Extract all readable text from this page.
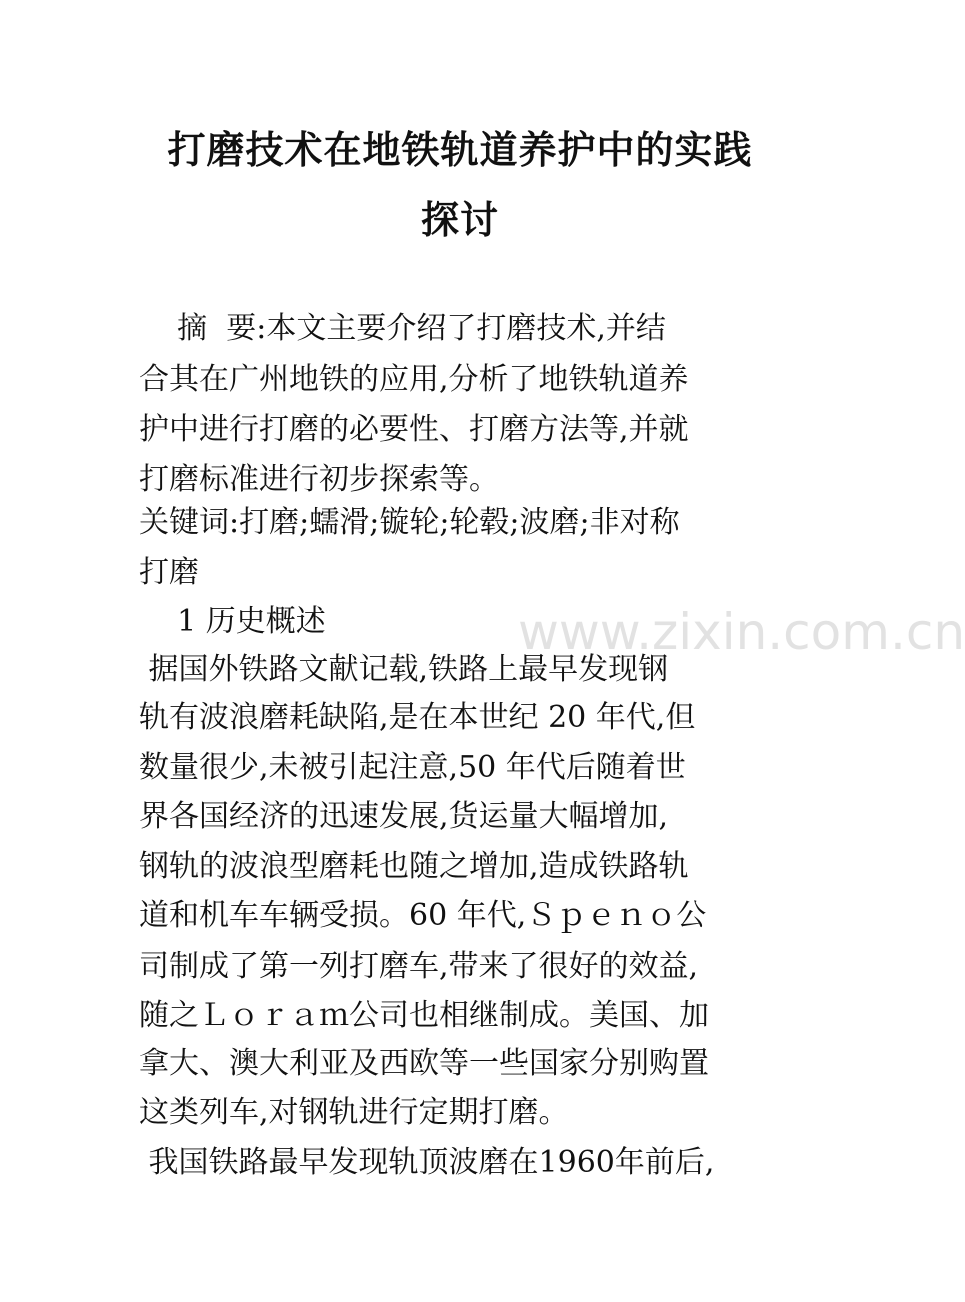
打磨技术在地铁轨道养护中的实践
探讨

摘  要:本文主要介绍了打磨技术,并结

合其在广州地铁的应用,分析了地铁轨道养

护中进行打磨的必要性、打磨方法等,并就

打磨标准进行初步探索等。

关键词:打磨;蠕滑;镟轮;轮毂;波磨;非对称

打磨

1 历史概述

据国外铁路文献记载,铁路上最早发现钢

轨有波浪磨耗缺陷,是在本世纪 20 年代,但

数量很少,未被引起注意,50 年代后随着世

界各国经济的迅速发展,货运量大幅增加,

钢轨的波浪型磨耗也随之增加,造成铁路轨

道和机车车辆受损。60 年代,Ｓｐｅｎｏ公

司制成了第一列打磨车,带来了很好的效益,

随之Ｌｏｒａｍ公司也相继制成。美国、加

拿大、澳大利亚及西欧等一些国家分别购置

这类列车,对钢轨进行定期打磨。

我国铁路最早发现轨顶波磨在1960年前后,

www.zixin.com.cn
